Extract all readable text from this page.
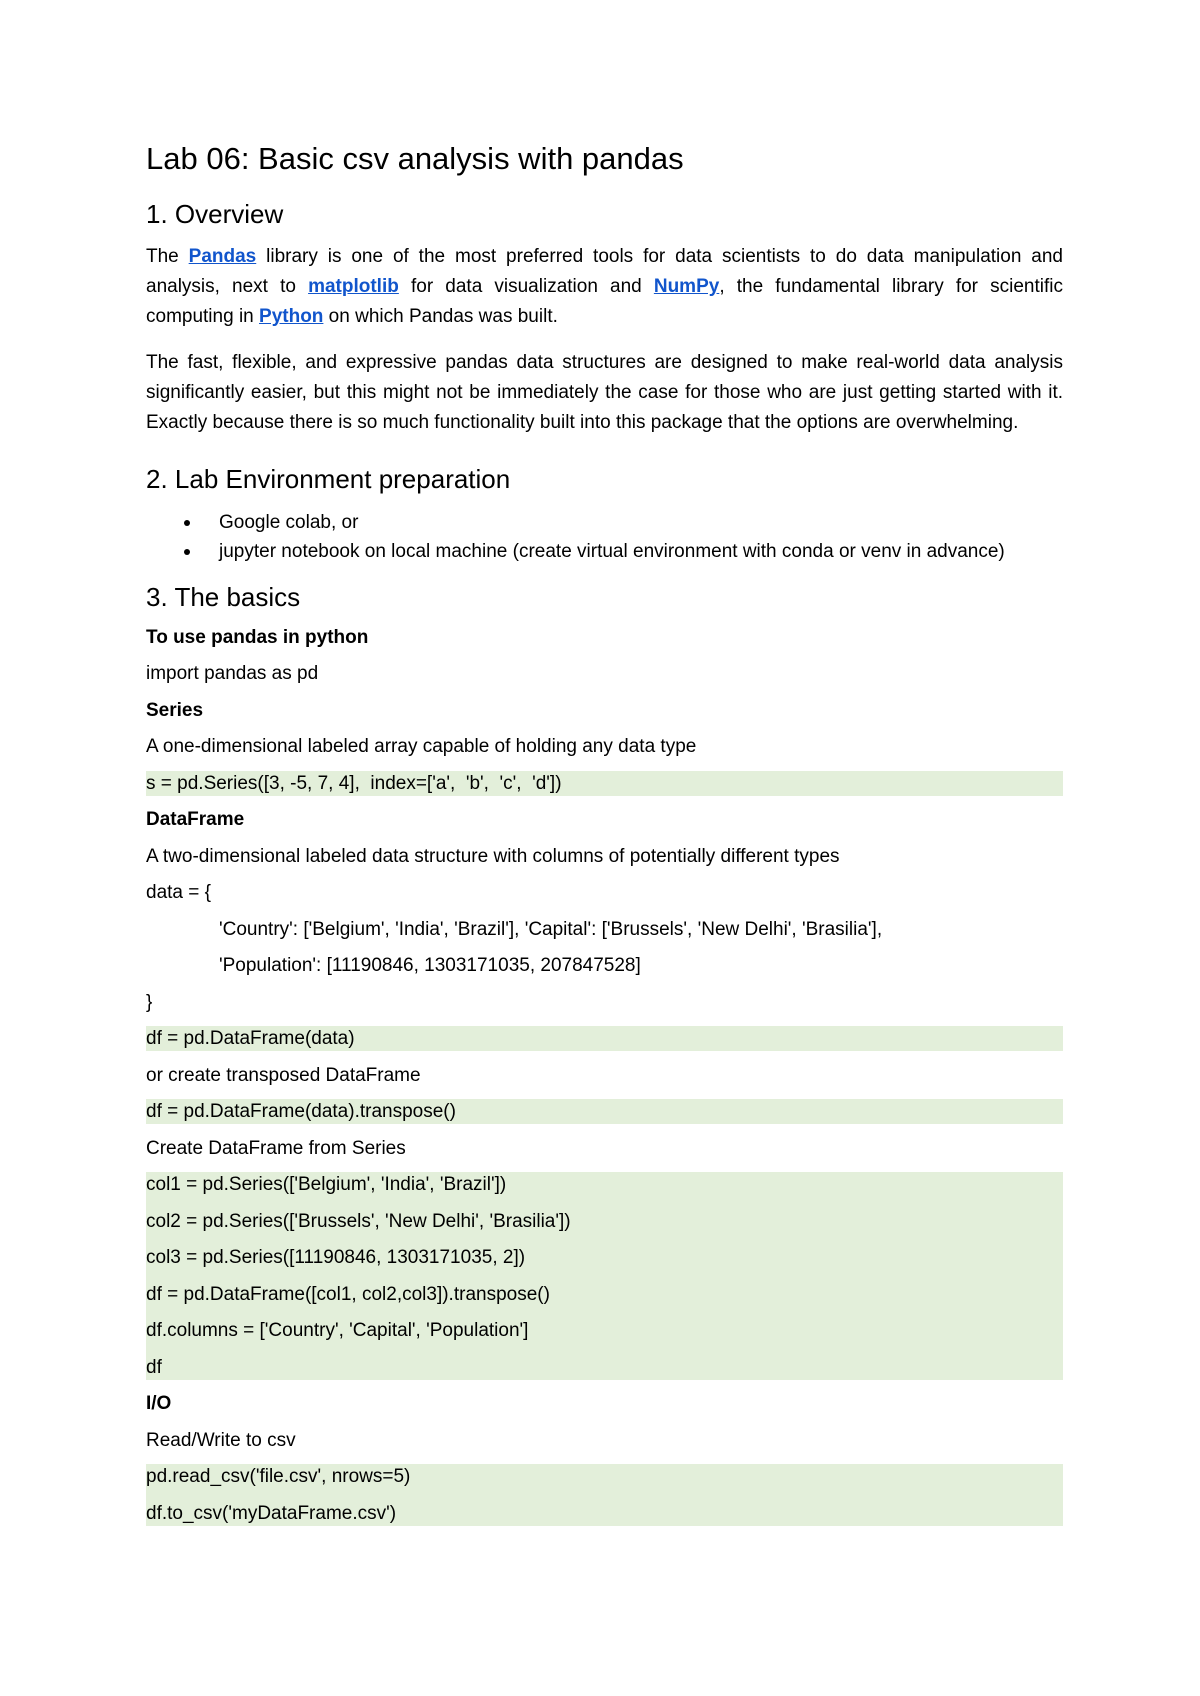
Lab 06: Basic csv analysis with pandas
1. Overview

The Pandas library is one of the most preferred tools for data scientists to do data manipulation and analysis, next to matplotlib for data visualization and NumPy, the fundamental library for scientific computing in Python on which Pandas was built.

The fast, flexible, and expressive pandas data structures are designed to make real-world data analysis significantly easier, but this might not be immediately the case for those who are just getting started with it. Exactly because there is so much functionality built into this package that the options are overwhelming.

2. Lab Environment preparation
Google colab, or
jupyter notebook on local machine (create virtual environment with conda or venv in advance)
3. The basics
To use pandas in python
import pandas as pd
Series
A one-dimensional labeled array capable of holding any data type
s = pd.Series([3, -5, 7, 4],  index=['a',  'b',  'c',  'd'])
DataFrame
A two-dimensional labeled data structure with columns of potentially different types
data = {
'Country': ['Belgium', 'India', 'Brazil'], 'Capital': ['Brussels', 'New Delhi', 'Brasilia'],
'Population': [11190846, 1303171035, 207847528]
}
df = pd.DataFrame(data)
or create transposed DataFrame
df = pd.DataFrame(data).transpose()
Create DataFrame from Series
col1 = pd.Series(['Belgium', 'India', 'Brazil'])
col2 = pd.Series(['Brussels', 'New Delhi', 'Brasilia'])
col3 = pd.Series([11190846, 1303171035, 2])
df = pd.DataFrame([col1, col2,col3]).transpose()
df.columns = ['Country', 'Capital', 'Population']
df
I/O
Read/Write to csv
pd.read_csv('file.csv', nrows=5)
df.to_csv('myDataFrame.csv')
